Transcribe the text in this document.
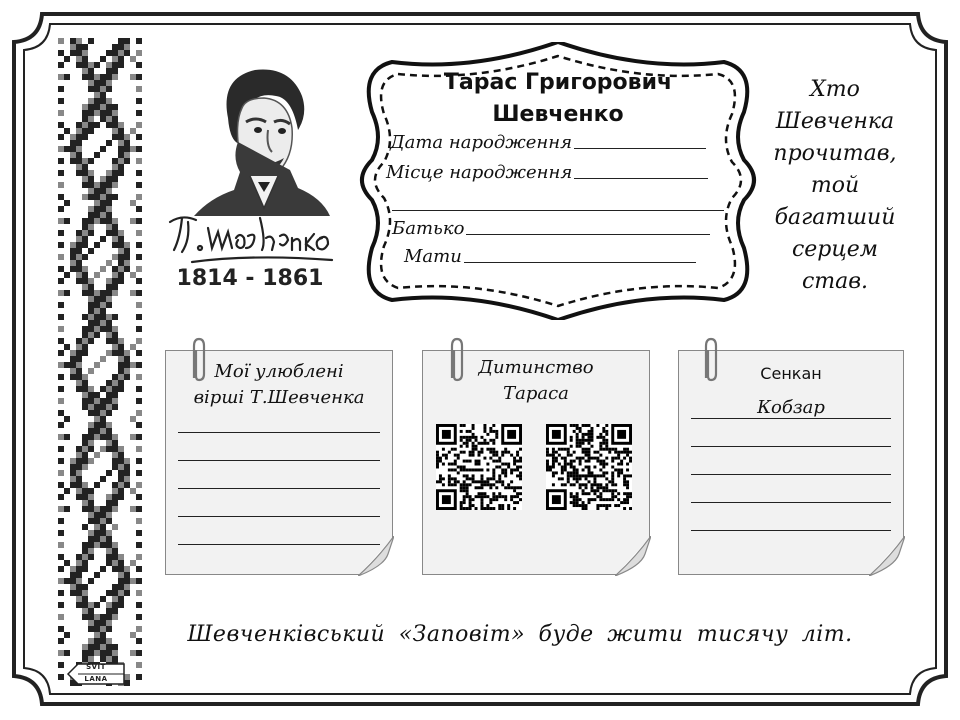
1814 - 1861
Тарас Григорович
Шевченко
Дата народження
Місце народження
Батько
Мати
Хто
Шевченка
прочитав,
той
багатший
серцем
став.
Мої улюблені
вірші Т.Шевченка
Дитинство
Тараса
Сенкан
Кобзар
Шевченківський «Заповіт» буде жити тисячу літ.
SVIT
LANA
